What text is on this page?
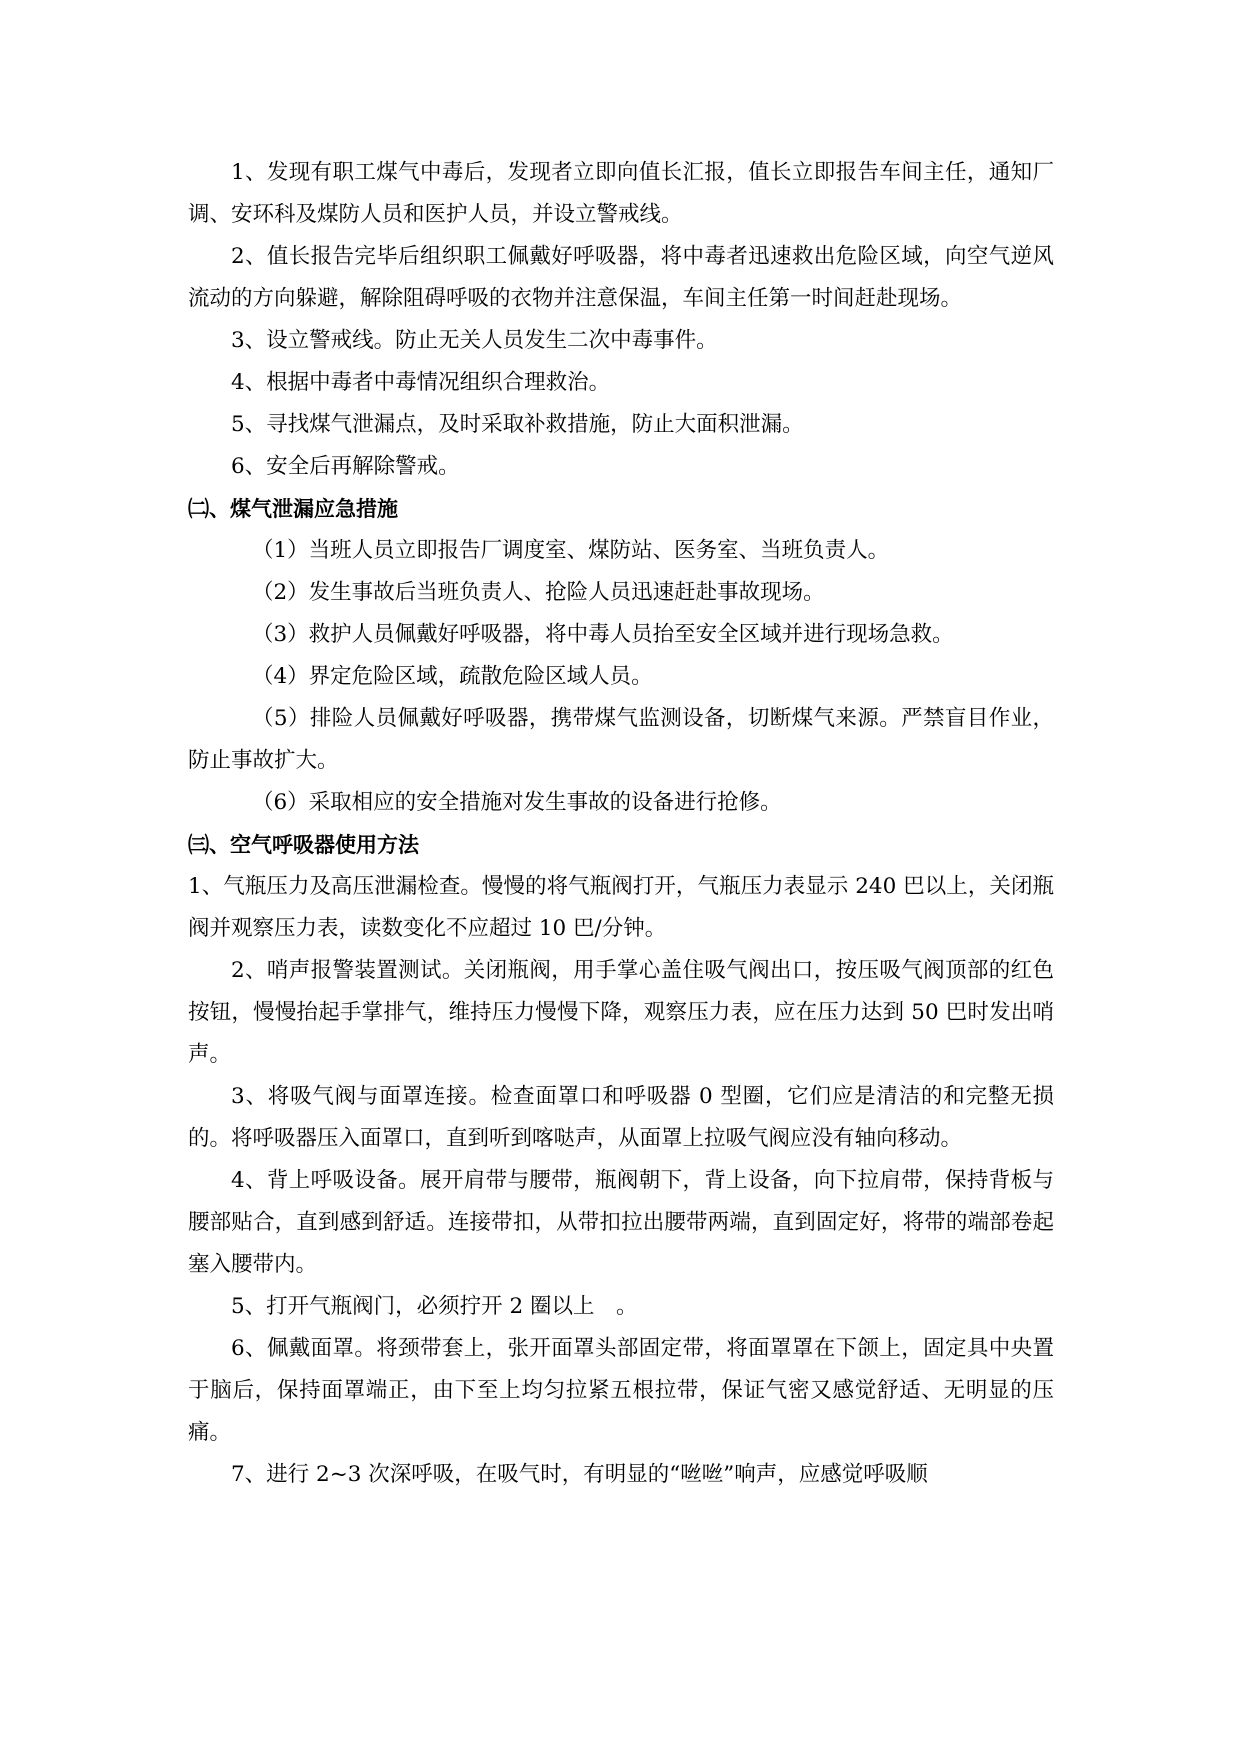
1、发现有职工煤气中毒后，发现者立即向值长汇报，值长立即报告车间主任，通知厂调、安环科及煤防人员和医护人员，并设立警戒线。

2、值长报告完毕后组织职工佩戴好呼吸器，将中毒者迅速救出危险区域，向空气逆风流动的方向躲避，解除阻碍呼吸的衣物并注意保温，车间主任第一时间赶赴现场。

3、设立警戒线。防止无关人员发生二次中毒事件。

4、根据中毒者中毒情况组织合理救治。

5、寻找煤气泄漏点，及时采取补救措施，防止大面积泄漏。

6、安全后再解除警戒。

㈡、煤气泄漏应急措施

（1）当班人员立即报告厂调度室、煤防站、医务室、当班负责人。

（2）发生事故后当班负责人、抢险人员迅速赶赴事故现场。

（3）救护人员佩戴好呼吸器，将中毒人员抬至安全区域并进行现场急救。

（4）界定危险区域，疏散危险区域人员。

（5）排险人员佩戴好呼吸器，携带煤气监测设备，切断煤气来源。严禁盲目作业，防止事故扩大。

（6）采取相应的安全措施对发生事故的设备进行抢修。

㈢、空气呼吸器使用方法

1、气瓶压力及高压泄漏检查。慢慢的将气瓶阀打开，气瓶压力表显示 240 巴以上，关闭瓶阀并观察压力表，读数变化不应超过 10 巴/分钟。

2、哨声报警装置测试。关闭瓶阀，用手掌心盖住吸气阀出口，按压吸气阀顶部的红色按钮，慢慢抬起手掌排气，维持压力慢慢下降，观察压力表，应在压力达到 50 巴时发出哨声。

3、将吸气阀与面罩连接。检查面罩口和呼吸器 0 型圈，它们应是清洁的和完整无损的。将呼吸器压入面罩口，直到听到喀哒声，从面罩上拉吸气阀应没有轴向移动。

4、背上呼吸设备。展开肩带与腰带，瓶阀朝下，背上设备，向下拉肩带，保持背板与腰部贴合，直到感到舒适。连接带扣，从带扣拉出腰带两端，直到固定好，将带的端部卷起塞入腰带内。

5、打开气瓶阀门，必须拧开 2 圈以上　。

6、佩戴面罩。将颈带套上，张开面罩头部固定带，将面罩罩在下颌上，固定具中央置于脑后，保持面罩端正，由下至上均匀拉紧五根拉带，保证气密又感觉舒适、无明显的压痛。

7、进行 2~3 次深呼吸，在吸气时，有明显的“咝咝”响声，应感觉呼吸顺
